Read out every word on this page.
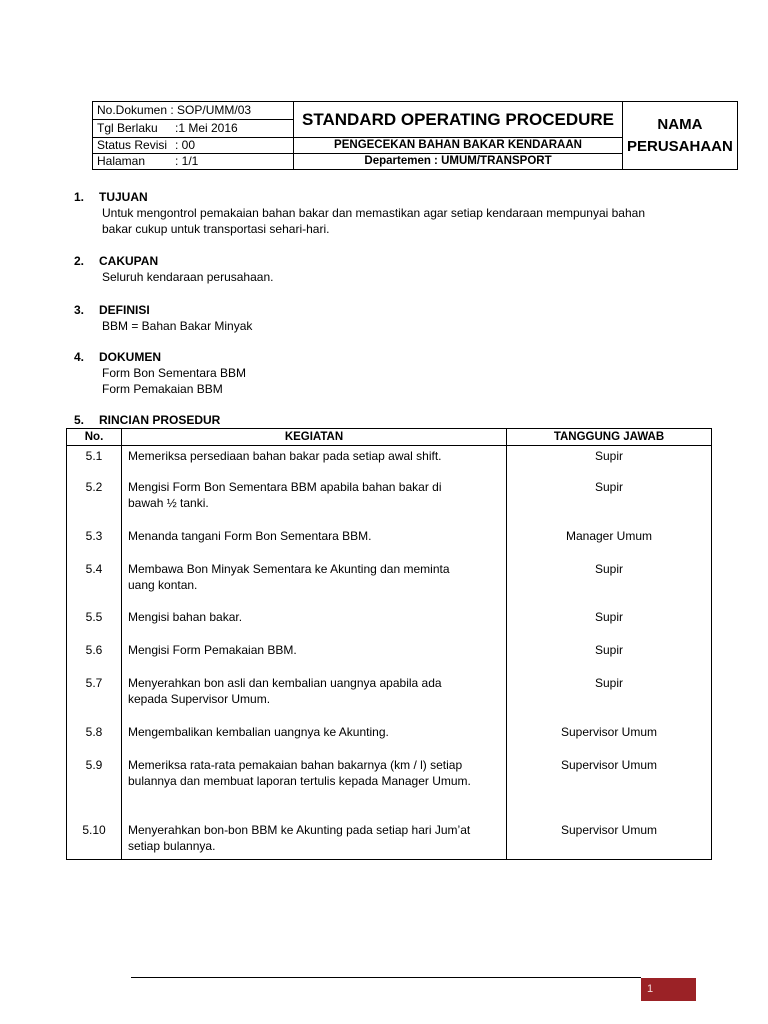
No.Dokumen : SOP/UMM/03	STANDARD OPERATING PROCEDURE	NAMA
PERUSAHAAN
Tgl Berlaku :1 Mei 2016		
Status Revisi : 00	PENGECEKAN BAHAN BAKAR KENDARAAN	
Halaman : 1/1	Departemen : UMUM/TRANSPORT	
1. TUJUAN
Untuk mengontrol pemakaian bahan bakar dan memastikan agar setiap kendaraan mempunyai bahan
bakar cukup untuk transportasi sehari-hari.
2. CAKUPAN
Seluruh kendaraan perusahaan.
3. DEFINISI
BBM = Bahan Bakar Minyak
4. DOKUMEN
Form Bon Sementara BBM
Form Pemakaian BBM
5. RINCIAN PROSEDUR
No.	KEGIATAN	TANGGUNG JAWAB
5.1	Memeriksa persediaan bahan bakar pada setiap awal shift.	Supir
5.2	Mengisi Form Bon Sementara BBM apabila bahan bakar di bawah ½ tanki.	Supir
5.3	Menanda tangani Form Bon Sementara BBM.	Manager Umum
5.4	Membawa Bon Minyak Sementara ke Akunting dan meminta uang kontan.	Supir
5.5	Mengisi bahan bakar.	Supir
5.6	Mengisi Form Pemakaian BBM.	Supir
5.7	Menyerahkan bon asli dan kembalian uangnya apabila ada kepada Supervisor Umum.	Supir
5.8	Mengembalikan kembalian uangnya ke Akunting.	Supervisor Umum
5.9	Memeriksa rata-rata pemakaian bahan bakarnya (km / l) setiap bulannya dan membuat laporan tertulis kepada Manager Umum.	Supervisor Umum
5.10	Menyerahkan bon-bon BBM ke Akunting pada setiap hari Jum’at setiap bulannya.	Supervisor Umum
1
